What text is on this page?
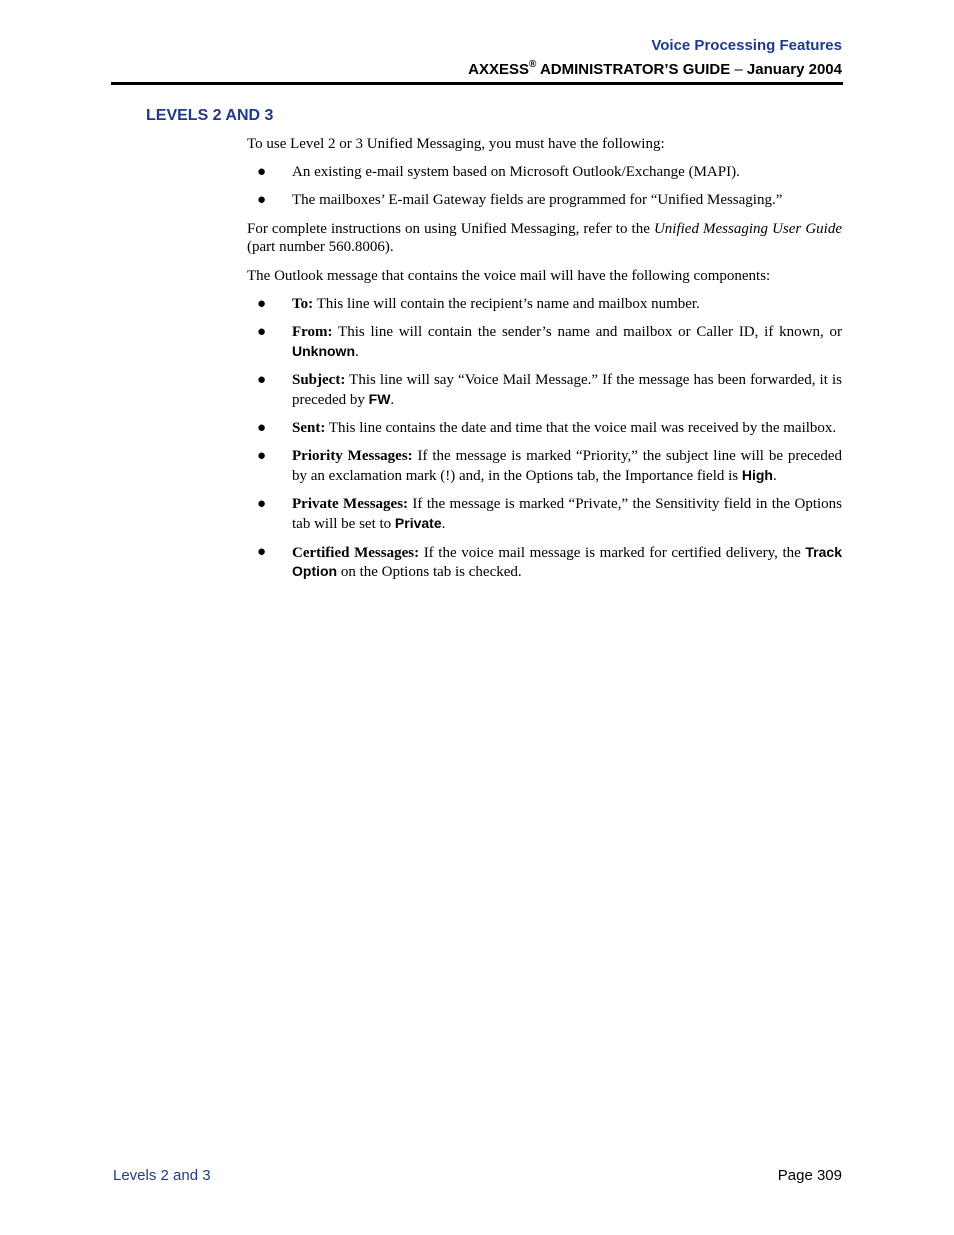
Voice Processing Features
AXXESS® ADMINISTRATOR’S GUIDE – January 2004
LEVELS 2 AND 3

To use Level 2 or 3 Unified Messaging, you must have the following:

● An existing e-mail system based on Microsoft Outlook/Exchange (MAPI).
● The mailboxes’ E-mail Gateway fields are programmed for “Unified Messaging.”

For complete instructions on using Unified Messaging, refer to the Unified Messaging User Guide (part number 560.8006).

The Outlook message that contains the voice mail will have the following components:

● To: This line will contain the recipient’s name and mailbox number.
● From: This line will contain the sender’s name and mailbox or Caller ID, if known, or Unknown.
● Subject: This line will say “Voice Mail Message.” If the message has been forwarded, it is preceded by FW.
● Sent: This line contains the date and time that the voice mail was received by the mailbox.
● Priority Messages: If the message is marked “Priority,” the subject line will be preceded by an exclamation mark (!) and, in the Options tab, the Importance field is High.
● Private Messages: If the message is marked “Private,” the Sensitivity field in the Options tab will be set to Private.
● Certified Messages: If the voice mail message is marked for certified delivery, the Track Option on the Options tab is checked.
Levels 2 and 3	Page 309
